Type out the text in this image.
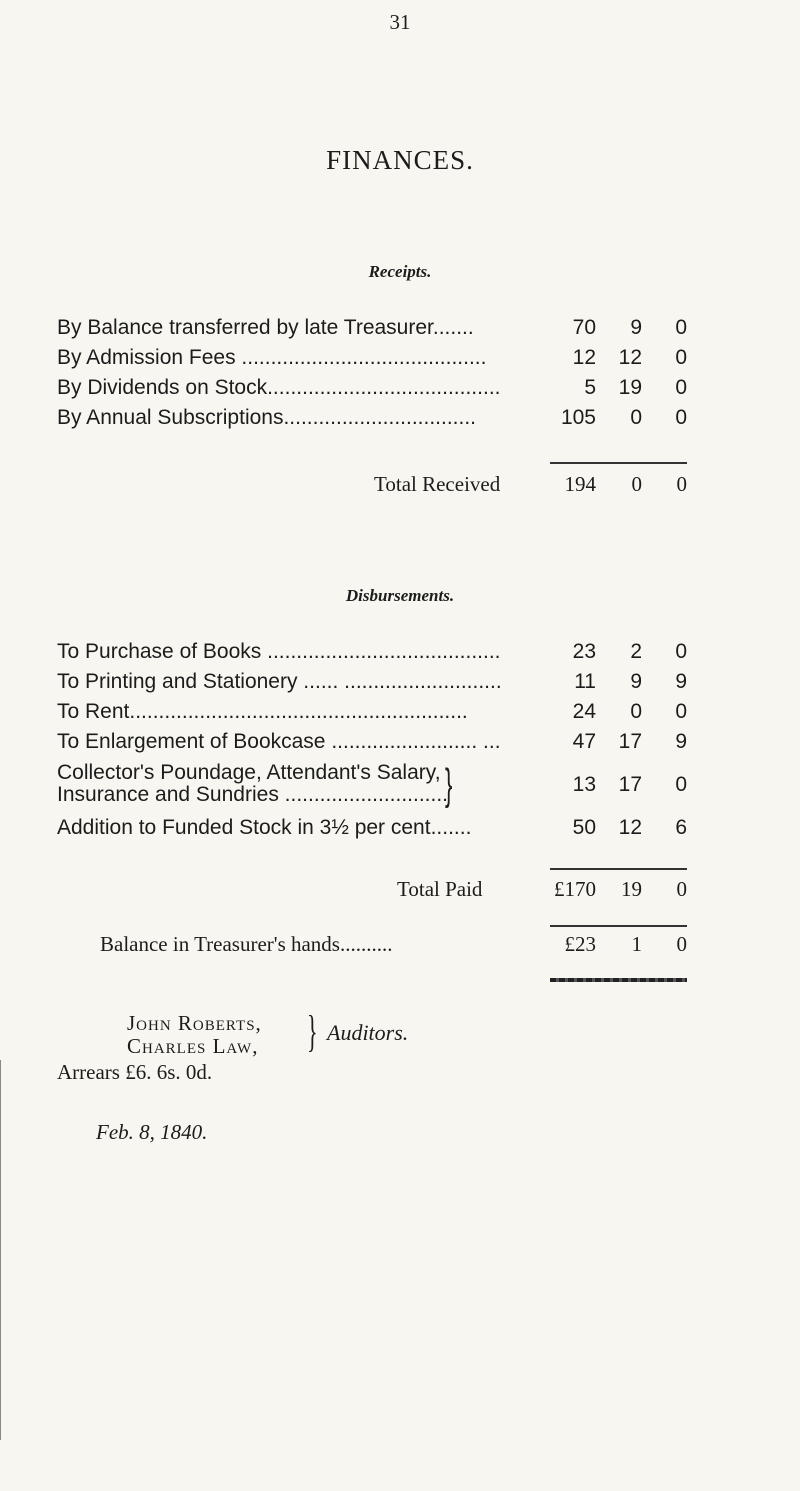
31
FINANCES.
Receipts.
By Balance transferred by late Treasurer.......	70 9 0
By Admission Fees ..........................................	12 12 0
By Dividends on Stock........................................	5 19 0
By Annual Subscriptions.................................	105 0 0
Total Received	194 0 0
Disbursements.
To Purchase of Books ........................................	23 2 0
To Printing and Stationery ...... ...........................	11 9 9
To Rent..........................................................	24 0 0
To Enlargement of Bookcase ......................... ...	47 17 9
Collector's Poundage, Attendant's Salary,
Insurance and Sundries ............................
}	13 17 0
Addition to Funded Stock in 3½ per cent.......	50 12 6
Total Paid	£170 19 0
Balance in Treasurer's hands..........	£23 1 0
John Roberts,
Charles Law, } Auditors.
Arrears £6. 6s. 0d.
Feb. 8, 1840.
